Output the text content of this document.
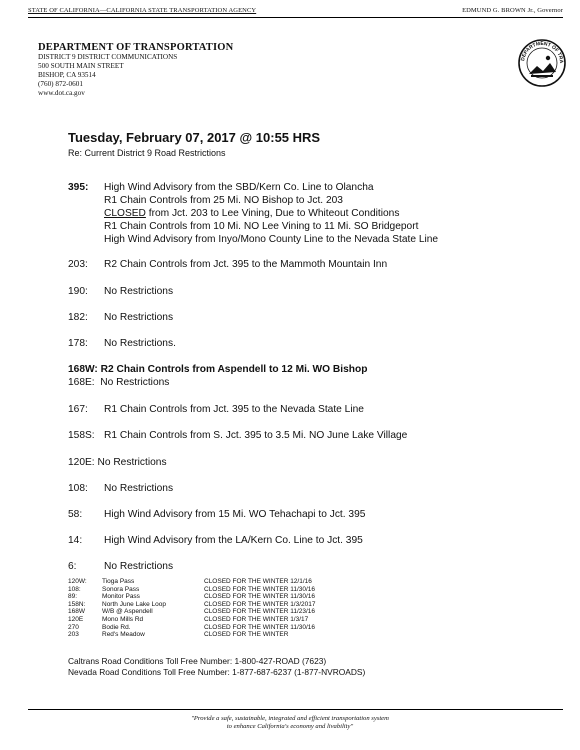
STATE OF CALIFORNIA—CALIFORNIA STATE TRANSPORTATION AGENCY	EDMUND G. BROWN Jr., Governor
DEPARTMENT OF TRANSPORTATION
DISTRICT 9 DISTRICT COMMUNICATIONS
500 SOUTH MAIN STREET
BISHOP, CA 93514
(760) 872-0601
www.dot.ca.gov
DEPARTMENT OF TRA
Tuesday, February 07, 2017 @ 10:55 HRS
Re: Current District 9 Road Restrictions
395:	High Wind Advisory from the SBD/Kern Co. Line to Olancha
R1 Chain Controls from 25 Mi. NO Bishop to Jct. 203
CLOSED from Jct. 203 to Lee Vining, Due to Whiteout Conditions
R1 Chain Controls from 10 Mi. NO Lee Vining to 11 Mi. SO Bridgeport
High Wind Advisory from Inyo/Mono County Line to the Nevada State Line
203:	R2 Chain Controls from Jct. 395 to the Mammoth Mountain Inn
190:	No Restrictions
182:	No Restrictions
178:	No Restrictions.
168W: R2 Chain Controls from Aspendell to 12 Mi. WO Bishop
168E: No Restrictions
167:	R1 Chain Controls from Jct. 395 to the Nevada State Line
158S: R1 Chain Controls from S. Jct. 395 to 3.5 Mi. NO June Lake Village
120E: No Restrictions
108:	No Restrictions
58:	High Wind Advisory from 15 Mi. WO Tehachapi to Jct. 395
14:	High Wind Advisory from the LA/Kern Co. Line to Jct. 395
6:	No Restrictions
120W: Tioga Pass	CLOSED FOR THE WINTER 12/1/16
108:	Sonora Pass	CLOSED FOR THE WINTER 11/30/16
89:	Monitor Pass	CLOSED FOR THE WINTER 11/30/16
158N:	North June Lake Loop	CLOSED FOR THE WINTER 1/3/2017
168W	W/B @ Aspendell	CLOSED FOR THE WINTER 11/23/16
120E	Mono Mills Rd	CLOSED FOR THE WINTER 1/3/17
270	Bodie Rd.	CLOSED FOR THE WINTER 11/30/16
203	Red's Meadow	CLOSED FOR THE WINTER
Caltrans Road Conditions Toll Free Number: 1-800-427-ROAD (7623)
Nevada Road Conditions Toll Free Number: 1-877-687-6237 (1-877-NVROADS)
"Provide a safe, sustainable, integrated and efficient transportation system
to enhance California's economy and livability"
